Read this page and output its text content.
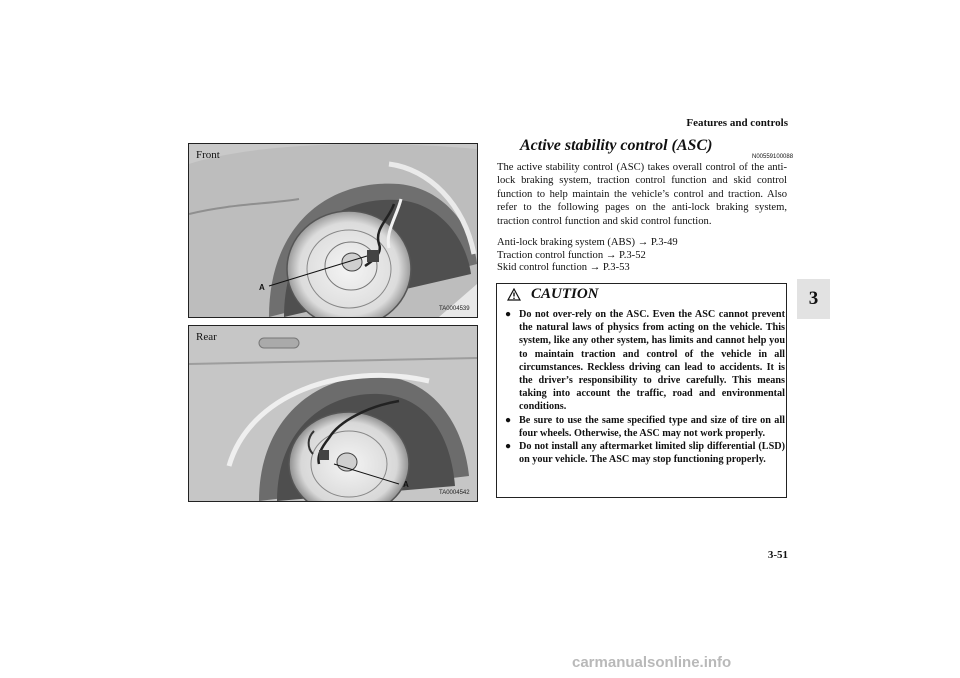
Features and controls
3
Front
A
TA0004539
Rear
A
TA0004542
Active stability control (ASC)
N00559100088
The active stability control (ASC) takes overall control of the anti-lock braking system, traction control function and skid control function to help maintain the vehicle’s control and traction. Also refer to the following pages on the anti-lock braking system, traction control function and skid control function.
Anti-lock braking system (ABS) → P.3-49
Traction control function → P.3-52
Skid control function → P.3-53
CAUTION
● Do not over-rely on the ASC. Even the ASC cannot prevent the natural laws of physics from acting on the vehicle. This system, like any other system, has limits and cannot help you to maintain traction and control of the vehicle in all circumstances. Reckless driving can lead to accidents. It is the driver’s responsibility to drive carefully. This means taking into account the traffic, road and environmental conditions.
● Be sure to use the same specified type and size of tire on all four wheels. Otherwise, the ASC may not work properly.
● Do not install any aftermarket limited slip differential (LSD) on your vehicle. The ASC may stop functioning properly.
3-51
carmanualsonline.info
